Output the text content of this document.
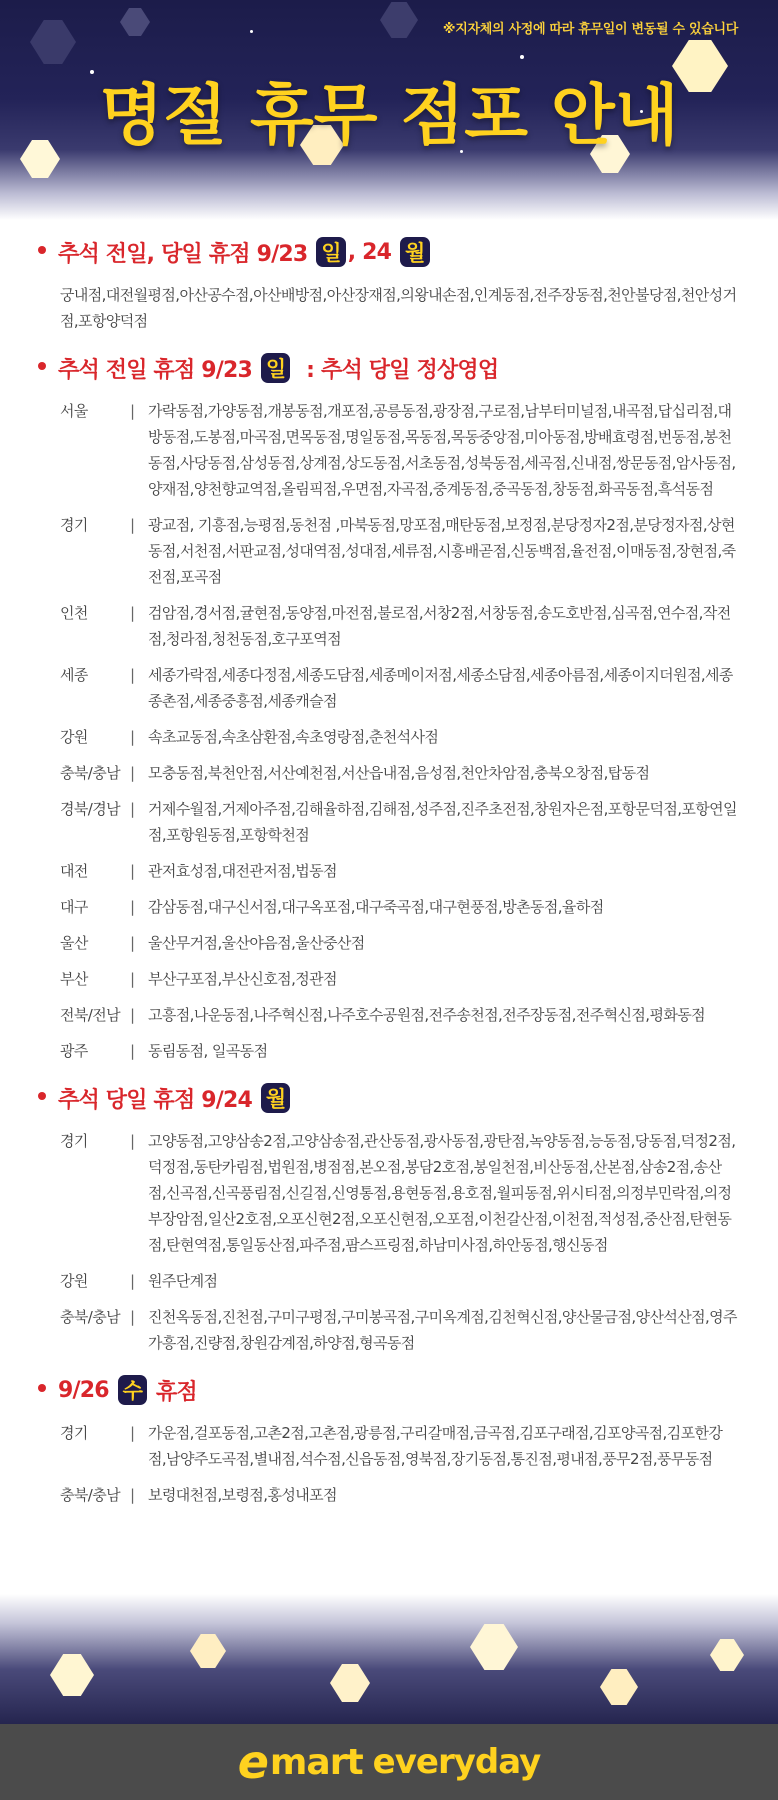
※지자체의 사정에 따라 휴무일이 변동될 수 있습니다
명절 휴무 점포 안내
추석 전일, 당일 휴점 9/23 일 , 24 월
궁내점,대전월평점,아산공수점,아산배방점,아산장재점,의왕내손점,인계동점,전주장동점,천안불당점,천안성거점,포항양덕점
추석 전일 휴점 9/23 일 : 추석 당일 정상영업
서울	| 가락동점,가양동점,개봉동점,개포점,공릉동점,광장점,구로점,남부터미널점,내곡점,답십리점,대방동점,도봉점,마곡점,면목동점,명일동점,목동점,목동중앙점,미아동점,방배효령점,번동점,봉천동점,사당동점,삼성동점,상계점,상도동점,서초동점,성북동점,세곡점,신내점,쌍문동점,암사동점,양재점,양천향교역점,올림픽점,우면점,자곡점,중계동점,중곡동점,창동점,화곡동점,흑석동점
경기	| 광교점, 기흥점,능평점,동천점 ,마북동점,망포점,매탄동점,보정점,분당정자2점,분당정자점,상현동점,서천점,서판교점,성대역점,성대점,세류점,시흥배곧점,신동백점,율전점,이매동점,장현점,죽전점,포곡점
인천	| 검암점,경서점,귤현점,동양점,마전점,불로점,서창2점,서창동점,송도호반점,심곡점,연수점,작전점,청라점,청천동점,호구포역점
세종	| 세종가락점,세종다정점,세종도담점,세종메이저점,세종소담점,세종아름점,세종이지더원점,세종종촌점,세종중흥점,세종캐슬점
강원	| 속초교동점,속초삼환점,속초영랑점,춘천석사점
충북/충남 | 모충동점,북천안점,서산예천점,서산읍내점,음성점,천안차암점,충북오창점,탑동점
경북/경남 | 거제수월점,거제아주점,김해율하점,김해점,성주점,진주초전점,창원자은점,포항문덕점,포항연일점,포항원동점,포항학천점
대전	| 관저효성점,대전관저점,법동점
대구	| 감삼동점,대구신서점,대구옥포점,대구죽곡점,대구현풍점,방촌동점,율하점
울산	| 울산무거점,울산야음점,울산중산점
부산	| 부산구포점,부산신호점,정관점
전북/전남 | 고흥점,나운동점,나주혁신점,나주호수공원점,전주송천점,전주장동점,전주혁신점,평화동점
광주	| 동림동점, 일곡동점
추석 당일 휴점 9/24 월
경기	| 고양동점,고양삼송2점,고양삼송점,관산동점,광사동점,광탄점,녹양동점,능동점,당동점,덕정2점,덕정점,동탄카림점,법원점,병점점,본오점,봉담2호점,봉일천점,비산동점,산본점,삼송2점,송산점,신곡점,신곡풍림점,신길점,신영통점,용현동점,용호점,월피동점,위시티점,의정부민락점,의정부장암점,일산2호점,오포신현2점,오포신현점,오포점,이천갈산점,이천점,적성점,중산점,탄현동점,탄현역점,통일동산점,파주점,팜스프링점,하남미사점,하안동점,행신동점
강원	| 원주단계점
충북/충남 | 진천옥동점,진천점,구미구평점,구미봉곡점,구미옥계점,김천혁신점,양산물금점,양산석산점,영주가흥점,진량점,창원감계점,하양점,형곡동점
9/26 수 휴점
경기	| 가운점,걸포동점,고촌2점,고촌점,광릉점,구리갈매점,금곡점,김포구래점,김포양곡점,김포한강점,남양주도곡점,별내점,석수점,신읍동점,영북점,장기동점,통진점,평내점,풍무2점,풍무동점
충북/충남 | 보령대천점,보령점,홍성내포점
e mart everyday
